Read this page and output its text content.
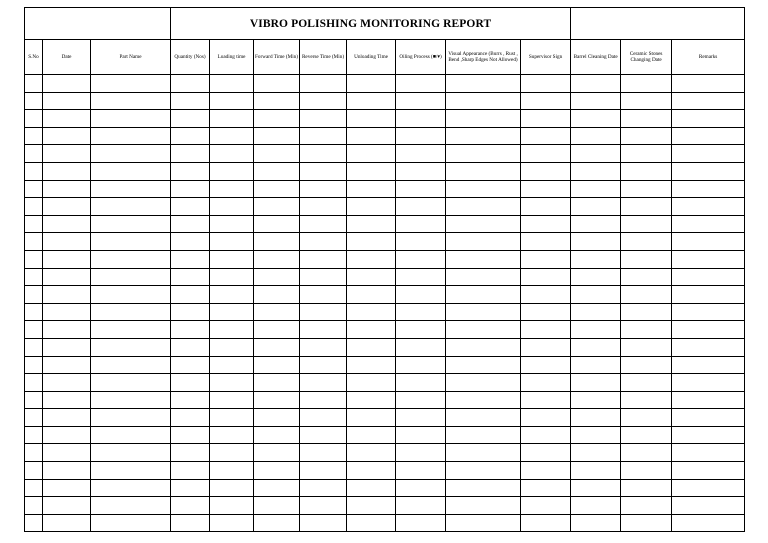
			VIBRO POLISHING MONITORING REPORT										
S.No	Date	Part Name	Quantity (Nos)	Loading time	Forward Time (Min)	Reverse Time (Min)	Unloading Time	Oiling Process (■/▾)	Visual Appearance (Burrs , Rust , Bend ,Sharp Edges Not Allowed)	Supervisor Sign	Barrel Cleaning Date	Ceramic Stones Changing Date	Remarks
